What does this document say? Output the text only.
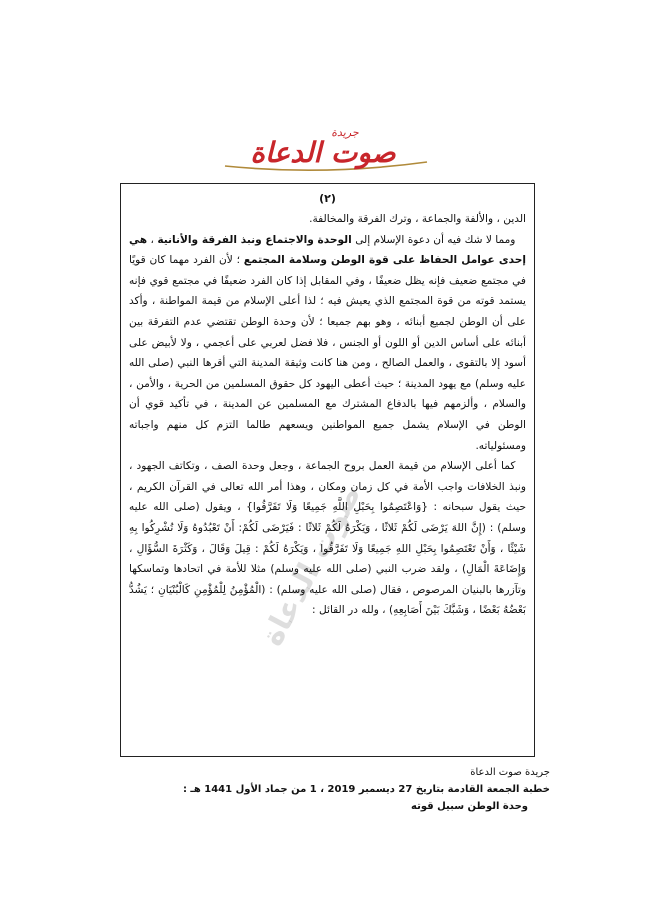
جريدة
صوت الدعاة
(٢)

الدين ، والألفة والجماعة ، وترك الفرقة والمخالفة.

 ومما لا شك فيه أن دعوة الإسلام إلى الوحدة والاجتماع ونبذ الفرقة والأنانية ، هي إحدى عوامل الحفاظ على قوة الوطن وسلامة المجتمع ؛ لأن الفرد مهما كان قويًا في مجتمع ضعيف فإنه يظل ضعيفًا ، وفي المقابل إذا كان الفرد ضعيفًا في مجتمع قوي فإنه يستمد قوته من قوة المجتمع الذي يعيش فيه ؛ لذا أعلى الإسلام من قيمة المواطنة ، وأكد على أن الوطن لجميع أبنائه ، وهو بهم جميعا ؛ لأن وحدة الوطن تقتضي عدم التفرقة بين أبنائه على أساس الدين أو اللون أو الجنس ، فلا فضل لعربي على أعجمي ، ولا لأبيض على أسود إلا بالتقوى ، والعمل الصالح ، ومن هنا كانت وثيقة المدينة التي أقرها النبي (صلى الله عليه وسلم) مع يهود المدينة ؛ حيث أعطى اليهود كل حقوق المسلمين من الحرية ، والأمن ، والسلام ، وألزمهم فيها بالدفاع المشترك مع المسلمين عن المدينة ، في تأكيد قوي أن الوطن في الإسلام يشمل جميع المواطنين ويسعهم طالما التزم كل منهم واجباته ومسئولياته.

 كما أعلى الإسلام من قيمة العمل بروح الجماعة ، وجعل وحدة الصف ، وتكاتف الجهود ، ونبذ الخلافات واجب الأمة في كل زمان ومكان ، وهذا أمر الله تعالى في القرآن الكريم ، حيث يقول سبحانه : {وَاعْتَصِمُوا بِحَبْلِ اللَّهِ جَمِيعًا وَلَا تَفَرَّقُوا} ، ويقول (صلى الله عليه وسلم) : (إِنَّ اللهَ يَرْضَى لَكُمْ ثَلاثًا ، وَيَكْرَهُ لَكُمْ ثَلاثًا : فَيَرْضَى لَكُمْ: أَنْ تَعْبُدُوهُ وَلَا تُشْرِكُوا بِهِ شَيْئًا ، وَأَنْ تَعْتَصِمُوا بِحَبْلِ اللهِ جَمِيعًا وَلَا تَفَرَّقُوا ، وَيَكْرَهُ لَكُمْ : قِيلَ وَقَالَ ، وَكَثْرَةَ السُّؤَالِ ، وَإِضَاعَةَ الْمَالِ) ، ولقد ضرب النبي (صلى الله عليه وسلم) مثلا للأمة في اتحادها وتماسكها وتآزرها بالبنيان المرصوص ، فقال (صلى الله عليه وسلم) : (الْمُؤْمِنُ لِلْمُؤْمِنِ كَالْبُنْيَانِ ؛ يَشُدُّ بَعْضُهُ بَعْضًا ، وَشَبَّكَ بَيْنَ أَصَابِعِهِ) ، ولله در القائل :

صوت الدعاة
جريدة صوت الدعاة
خطبة الجمعة القادمة بتاريخ 27 ديسمبر 2019 ، 1 من جماد الأول 1441 هـ :
وحدة الوطن سبيل قوته
